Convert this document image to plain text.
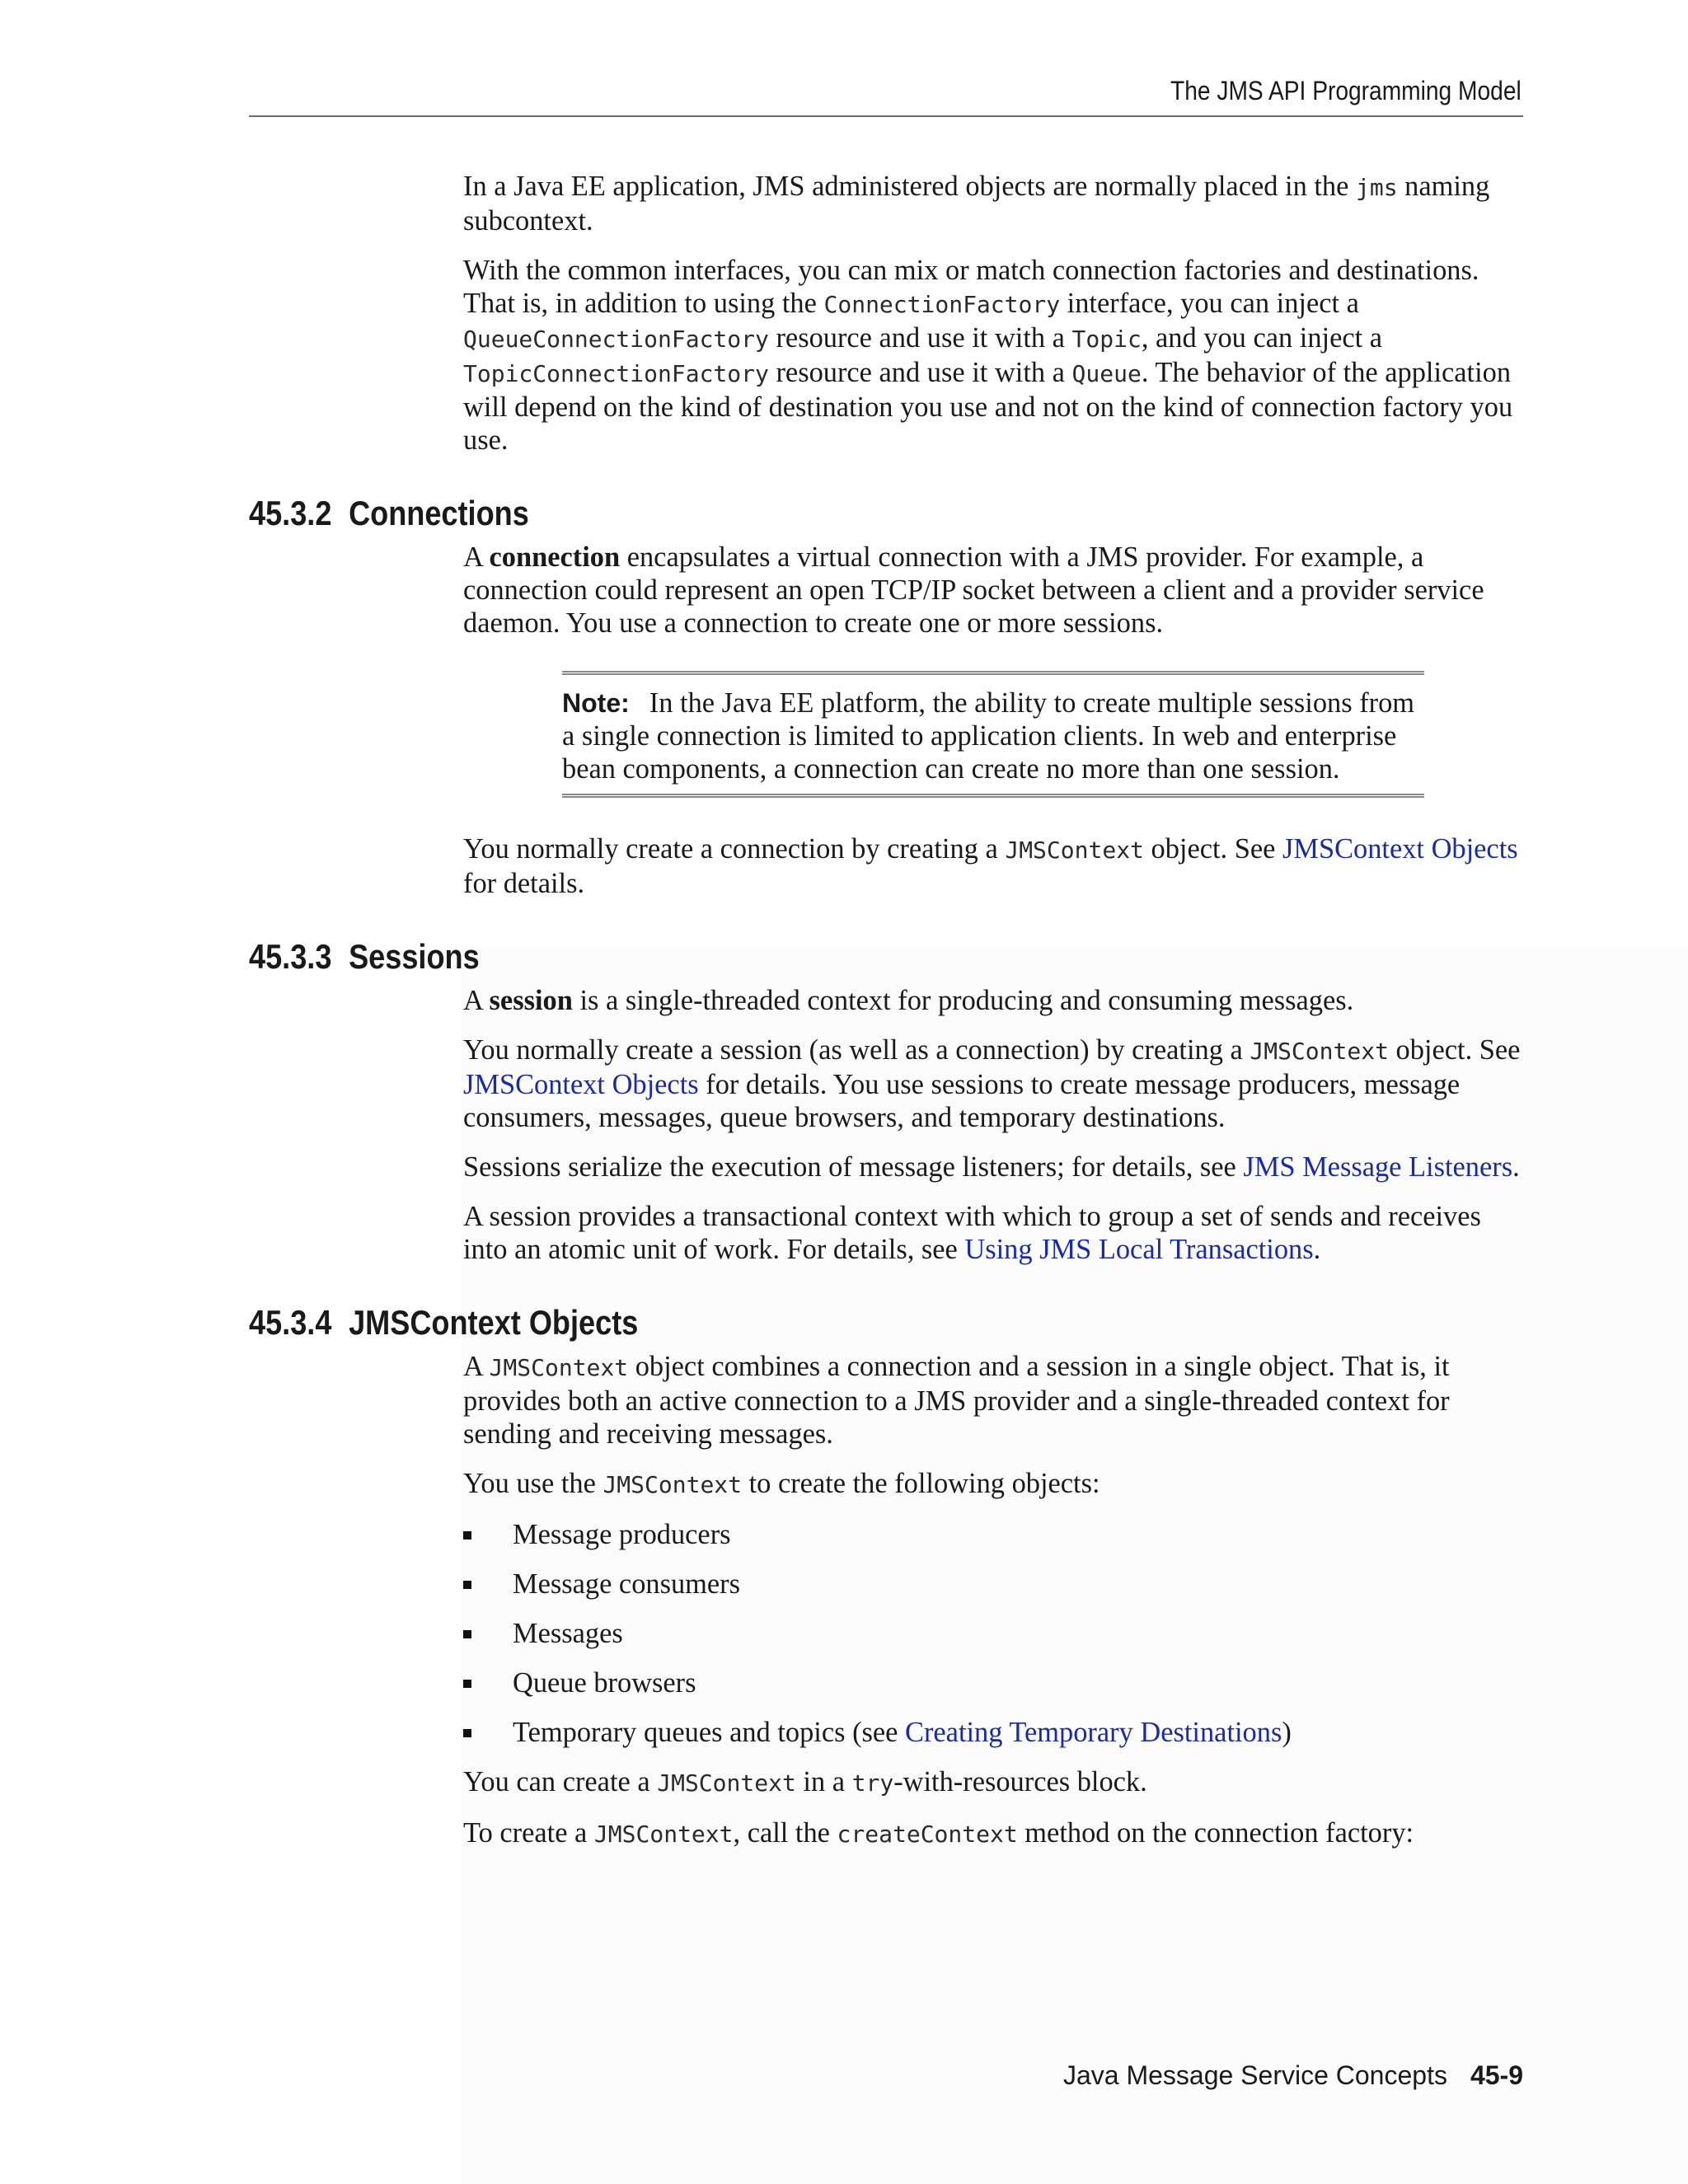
The JMS API Programming Model

In a Java EE application, JMS administered objects are normally placed in the jms naming subcontext.

With the common interfaces, you can mix or match connection factories and destinations. That is, in addition to using the ConnectionFactory interface, you can inject a QueueConnectionFactory resource and use it with a Topic, and you can inject a TopicConnectionFactory resource and use it with a Queue. The behavior of the application will depend on the kind of destination you use and not on the kind of connection factory you use.

45.3.2 Connections

A connection encapsulates a virtual connection with a JMS provider. For example, a connection could represent an open TCP/IP socket between a client and a provider service daemon. You use a connection to create one or more sessions.

Note: In the Java EE platform, the ability to create multiple sessions from a single connection is limited to application clients. In web and enterprise bean components, a connection can create no more than one session.

You normally create a connection by creating a JMSContext object. See JMSContext Objects for details.

45.3.3 Sessions

A session is a single-threaded context for producing and consuming messages.

You normally create a session (as well as a connection) by creating a JMSContext object. See JMSContext Objects for details. You use sessions to create message producers, message consumers, messages, queue browsers, and temporary destinations.

Sessions serialize the execution of message listeners; for details, see JMS Message Listeners.

A session provides a transactional context with which to group a set of sends and receives into an atomic unit of work. For details, see Using JMS Local Transactions.

45.3.4 JMSContext Objects

A JMSContext object combines a connection and a session in a single object. That is, it provides both an active connection to a JMS provider and a single-threaded context for sending and receiving messages.

You use the JMSContext to create the following objects:

Message producers
Message consumers
Messages
Queue browsers
Temporary queues and topics (see Creating Temporary Destinations)

You can create a JMSContext in a try-with-resources block.

To create a JMSContext, call the createContext method on the connection factory:

Java Message Service Concepts 45-9
